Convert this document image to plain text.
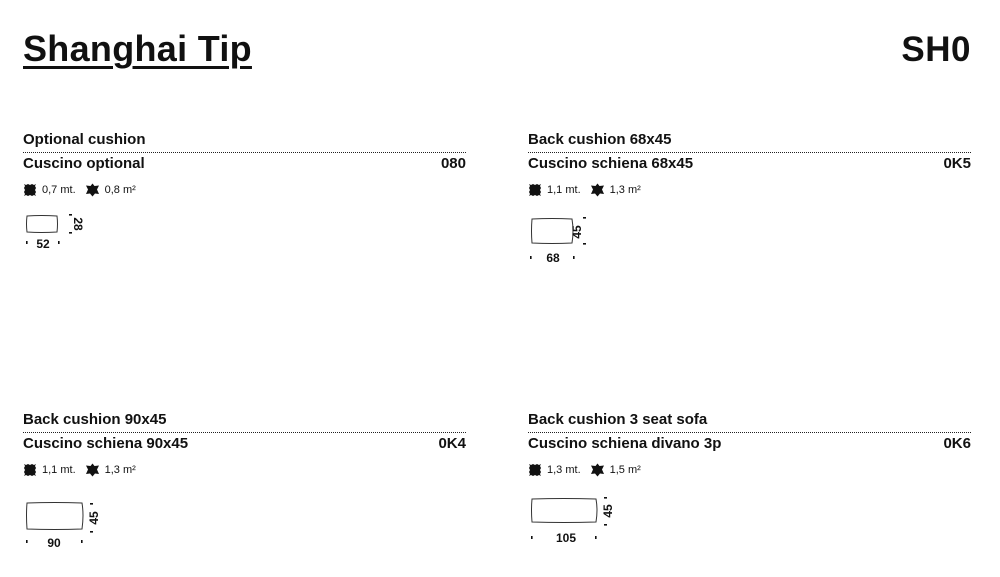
Shanghai Tip	SH0
Optional cushion
Cuscino optional	080
0,7 mt.	0,8 m²
52
28
Back cushion 68x45
Cuscino schiena 68x45	0K5
1,1 mt.	1,3 m²
68
45
Back cushion 90x45
Cuscino schiena 90x45	0K4
1,1 mt.	1,3 m²
90
45
Back cushion 3 seat sofa
Cuscino schiena divano 3p	0K6
1,3 mt.	1,5 m²
105
45
